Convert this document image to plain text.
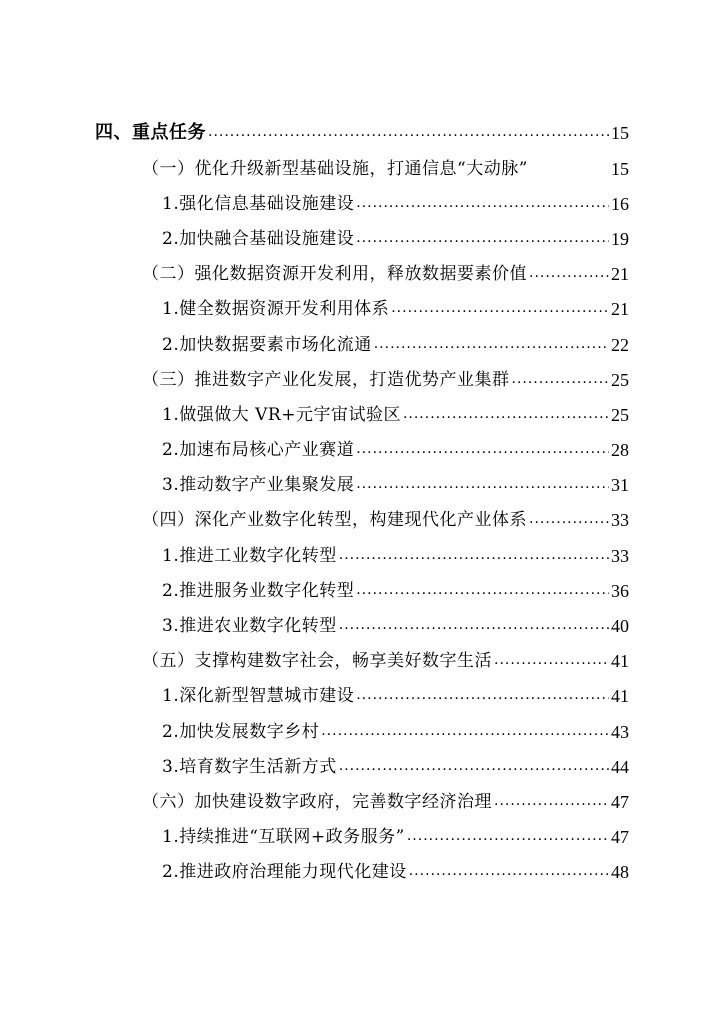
四、重点任务 .....	15
（一）优化升级新型基础设施，打通信息“大动脉”	15
1.强化信息基础设施建设 .....	16
2.加快融合基础设施建设 .....	19
（二）强化数据资源开发利用，释放数据要素价值 .....	21
1.健全数据资源开发利用体系 .....	21
2.加快数据要素市场化流通 .....	22
（三）推进数字产业化发展，打造优势产业集群 .....	25
1.做强做大 VR+元宇宙试验区 .....	25
2.加速布局核心产业赛道 .....	28
3.推动数字产业集聚发展 .....	31
（四）深化产业数字化转型，构建现代化产业体系 .....	33
1.推进工业数字化转型 .....	33
2.推进服务业数字化转型 .....	36
3.推进农业数字化转型 .....	40
（五）支撑构建数字社会，畅享美好数字生活 .....	41
1.深化新型智慧城市建设 .....	41
2.加快发展数字乡村 .....	43
3.培育数字生活新方式 .....	44
（六）加快建设数字政府，完善数字经济治理 .....	47
1.持续推进“互联网+政务服务” .....	47
2.推进政府治理能力现代化建设 .....	48
